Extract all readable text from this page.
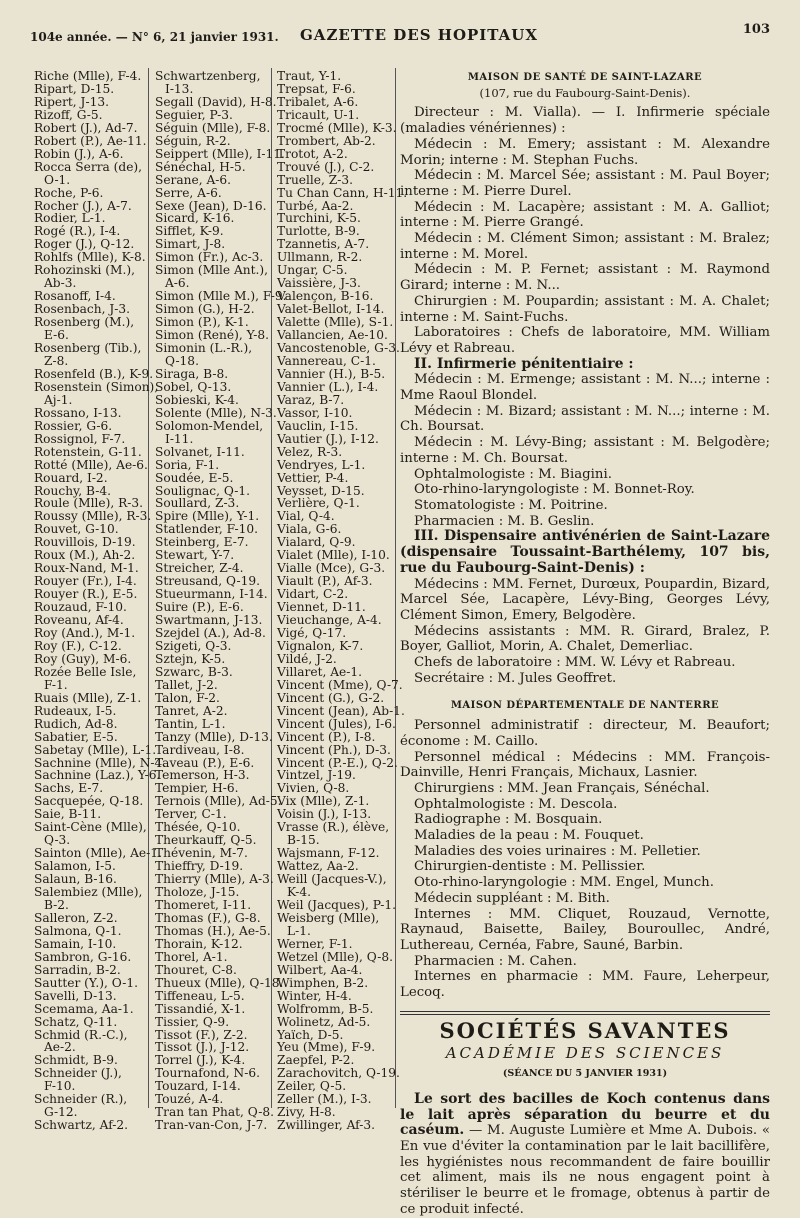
104e année. — N° 6, 21 janvier 1931. GAZETTE DES HOPITAUX	103
Riche (Mlle), F-4.
Ripart, D-15.
Ripert, J-13.
Rizoff, G-5.
Robert (J.), Ad-7.
Robert (P.), Ae-11.
Robin (J.), A-6.
Rocca Serra (de),
O-1.
Roche, P-6.
Rocher (J.), A-7.
Rodier, L-1.
Rogé (R.), I-4.
Roger (J.), Q-12.
Rohlfs (Mlle), K-8.
Rohozinski (M.),
Ab-3.
Rosanoff, I-4.
Rosenbach, J-3.
Rosenberg (M.),
E-6.
Rosenberg (Tib.),
Z-8.
Rosenfeld (B.), K-9.
Rosenstein (Simon),
Aj-1.
Rossano, I-13.
Rossier, G-6.
Rossignol, F-7.
Rotenstein, G-11.
Rotté (Mlle), Ae-6.
Rouard, I-2.
Rouchy, B-4.
Roule (Mlle), R-3.
Roussy (Mlle), R-3.
Rouvet, G-10.
Rouvillois, D-19.
Roux (M.), Ah-2.
Roux-Nand, M-1.
Rouyer (Fr.), I-4.
Rouyer (R.), E-5.
Rouzaud, F-10.
Roveanu, Af-4.
Roy (And.), M-1.
Roy (F.), C-12.
Roy (Guy), M-6.
Rozée Belle Isle,
F-1.
Ruais (Mlle), Z-1.
Rudeaux, I-5.
Rudich, Ad-8.
Sabatier, E-5.
Sabetay (Mlle), L-1.
Sachnine (Mlle), N-4.
Sachnine (Laz.), Y-6.
Sachs, E-7.
Sacquepée, Q-18.
Saie, B-11.
Saint-Cène (Mlle),
Q-3.
Sainton (Mlle), Ae-1.
Salamon, I-5.
Salaun, B-16.
Salembiez (Mlle),
B-2.
Salleron, Z-2.
Salmona, Q-1.
Samain, I-10.
Sambron, G-16.
Sarradin, B-2.
Sautter (Y.), O-1.
Savelli, D-13.
Scemama, Aa-1.
Schatz, Q-11.
Schmid (R.-C.),
Ae-2.
Schmidt, B-9.
Schneider (J.),
F-10.
Schneider (R.),
G-12.
Schwartz, Af-2.
Schwartzenberg,
I-13.
Segall (David), H-8.
Seguier, P-3.
Séguin (Mlle), F-8.
Séguin, R-2.
Seippert (Mlle), I-11.
Sénéchal, H-5.
Serane, A-6.
Serre, A-6.
Sexe (Jean), D-16.
Sicard, K-16.
Sifflet, K-9.
Simart, J-8.
Simon (Fr.), Ac-3.
Simon (Mlle Ant.),
A-6.
Simon (Mlle M.), F-9.
Simon (G.), H-2.
Simon (P.), K-1.
Simon (René), Y-8.
Simonin (L.-R.),
Q-18.
Siraga, B-8.
Sobel, Q-13.
Sobieski, K-4.
Solente (Mlle), N-3.
Solomon-Mendel,
I-11.
Solvanet, I-11.
Soria, F-1.
Soudée, E-5.
Soulignac, Q-1.
Soullard, Z-3.
Spire (Mlle), Y-1.
Statlender, F-10.
Steinberg, E-7.
Stewart, Y-7.
Streicher, Z-4.
Streusand, Q-19.
Stueurmann, I-14.
Suire (P.), E-6.
Swartmann, J-13.
Szejdel (A.), Ad-8.
Szigeti, Q-3.
Sztejn, K-5.
Szwarc, B-3.
Tallet, J-2.
Talon, F-2.
Tanret, A-2.
Tantin, L-1.
Tanzy (Mlle), D-13.
Tardiveau, I-8.
Taveau (P.), E-6.
Temerson, H-3.
Tempier, H-6.
Ternois (Mlle), Ad-5.
Terver, C-1.
Thésée, Q-10.
Theurkauff, Q-5.
Thévenin, M-7.
Thieffry, D-19.
Thierry (Mlle), A-3.
Tholoze, J-15.
Thomeret, I-11.
Thomas (F.), G-8.
Thomas (H.), Ae-5.
Thorain, K-12.
Thorel, A-1.
Thouret, C-8.
Thueux (Mlle), Q-18.
Tiffeneau, L-5.
Tissandié, X-1.
Tissier, Q-9.
Tissot (F.), Z-2.
Tissot (J.), J-12.
Torrel (J.), K-4.
Tournafond, N-6.
Touzard, I-14.
Touzé, A-4.
Tran tan Phat, Q-8.
Tran-van-Con, J-7.
Traut, Y-1.
Trepsat, F-6.
Tribalet, A-6.
Tricault, U-1.
Trocmé (Mlle), K-3.
Trombert, Ab-2.
Trotot, A-2.
Trouvé (J.), C-2.
Truelle, Z-3.
Tu Chan Cann, H-11.
Turbé, Aa-2.
Turchini, K-5.
Turlotte, B-9.
Tzannetis, A-7.
Ullmann, R-2.
Ungar, C-5.
Vaissière, J-3.
Valençon, B-16.
Valet-Bellot, I-14.
Valette (Mlle), S-1.
Vallancien, Ae-10.
Vancostenoble, G-3.
Vannereau, C-1.
Vannier (H.), B-5.
Vannier (L.), I-4.
Varaz, B-7.
Vassor, I-10.
Vauclin, I-15.
Vautier (J.), I-12.
Velez, R-3.
Vendryes, L-1.
Vettier, P-4.
Veysset, D-15.
Verlière, Q-1.
Vial, Q-4.
Viala, G-6.
Vialard, Q-9.
Vialet (Mlle), I-10.
Vialle (Mce), G-3.
Viault (P.), Af-3.
Vidart, C-2.
Viennet, D-11.
Vieuchange, A-4.
Vigé, Q-17.
Vignalon, K-7.
Vildé, J-2.
Villaret, Ae-1.
Vincent (Mme), Q-7.
Vincent (G.), G-2.
Vincent (Jean), Ab-1.
Vincent (Jules), I-6.
Vincent (P.), I-8.
Vincent (Ph.), D-3.
Vincent (P.-E.), Q-2.
Vintzel, J-19.
Vivien, Q-8.
Vix (Mlle), Z-1.
Voisin (J.), I-13.
Vrasse (R.), élève,
B-15.
Wajsmann, F-12.
Wattez, Aa-2.
Weill (Jacques-V.),
K-4.
Weil (Jacques), P-1.
Weisberg (Mlle),
L-1.
Werner, F-1.
Wetzel (Mlle), Q-8.
Wilbert, Aa-4.
Wimphen, B-2.
Winter, H-4.
Wolfromm, B-5.
Wolinetz, Ad-5.
Yaïch, D-5.
Yeu (Mme), F-9.
Zaepfel, P-2.
Zarachovitch, Q-19.
Zeiler, Q-5.
Zeller (M.), I-3.
Zivy, H-8.
Zwillinger, Af-3.

MAISON DE SANTÉ DE SAINT-LAZARE

(107, rue du Faubourg-Saint-Denis).

Directeur : M. Vialla). — I. Infirmerie spéciale (maladies vénériennes) :

Médecin : M. Emery; assistant : M. Alexandre Morin; interne : M. Stephan Fuchs.

Médecin : M. Marcel Sée; assistant : M. Paul Boyer; interne : M. Pierre Durel.

Médecin : M. Lacapère; assistant : M. A. Galliot; interne : M. Pierre Grangé.

Médecin : M. Clément Simon; assistant : M. Bralez; interne : M. Morel.

Médecin : M. P. Fernet; assistant : M. Raymond Girard; interne : M. N...

Chirurgien : M. Poupardin; assistant : M. A. Chalet; interne : M. Saint-Fuchs.

Laboratoires : Chefs de laboratoire, MM. William Lévy et Rabreau.

II. Infirmerie pénitentiaire :

Médecin : M. Ermenge; assistant : M. N...; interne : Mme Raoul Blondel.

Médecin : M. Bizard; assistant : M. N...; interne : M. Ch. Boursat.

Médecin : M. Lévy-Bing; assistant : M. Belgodère; interne : M. Ch. Boursat.

Ophtalmologiste : M. Biagini.

Oto-rhino-laryngologiste : M. Bonnet-Roy.

Stomatologiste : M. Poitrine.

Pharmacien : M. B. Geslin.

III. Dispensaire antivénérien de Saint-Lazare (dispensaire Toussaint-Barthélemy, 107 bis, rue du Faubourg-Saint-Denis) :

Médecins : MM. Fernet, Durœux, Poupardin, Bizard, Marcel Sée, Lacapère, Lévy-Bing, Georges Lévy, Clément Simon, Emery, Belgodère.

Médecins assistants : MM. R. Girard, Bralez, P. Boyer, Galliot, Morin, A. Chalet, Demerliac.

Chefs de laboratoire : MM. W. Lévy et Rabreau.

Secrétaire : M. Jules Geoffret.

MAISON DÉPARTEMENTALE DE NANTERRE

Personnel administratif : directeur, M. Beaufort; économe : M. Caillo.

Personnel médical : Médecins : MM. François-Dainville, Henri Français, Michaux, Lasnier.

Chirurgiens : MM. Jean Français, Sénéchal.

Ophtalmologiste : M. Descola.

Radiographe : M. Bosquain.

Maladies de la peau : M. Fouquet.

Maladies des voies urinaires : M. Pelletier.

Chirurgien-dentiste : M. Pellissier.

Oto-rhino-laryngologie : MM. Engel, Munch.

Médecin suppléant : M. Bith.

Internes : MM. Cliquet, Rouzaud, Vernotte, Raynaud, Baisette, Bailey, Bouroullec, André, Luthereau, Cernéa, Fabre, Sauné, Barbin.

Pharmacien : M. Cahen.

Internes en pharmacie : MM. Faure, Leherpeur, Lecoq.

SOCIÉTÉS SAVANTES

ACADÉMIE DES SCIENCES

(SÉANCE DU 5 JANVIER 1931)

Le sort des bacilles de Koch contenus dans le lait après séparation du beurre et du caséum. — M. Auguste Lumière et Mme A. Dubois. « En vue d'éviter la contamination par le lait bacillifère, les hygiénistes nous recommandent de faire bouillir cet aliment, mais ils ne nous engagent point à stériliser le beurre et le fromage, obtenus à partir de ce produit infecté.
